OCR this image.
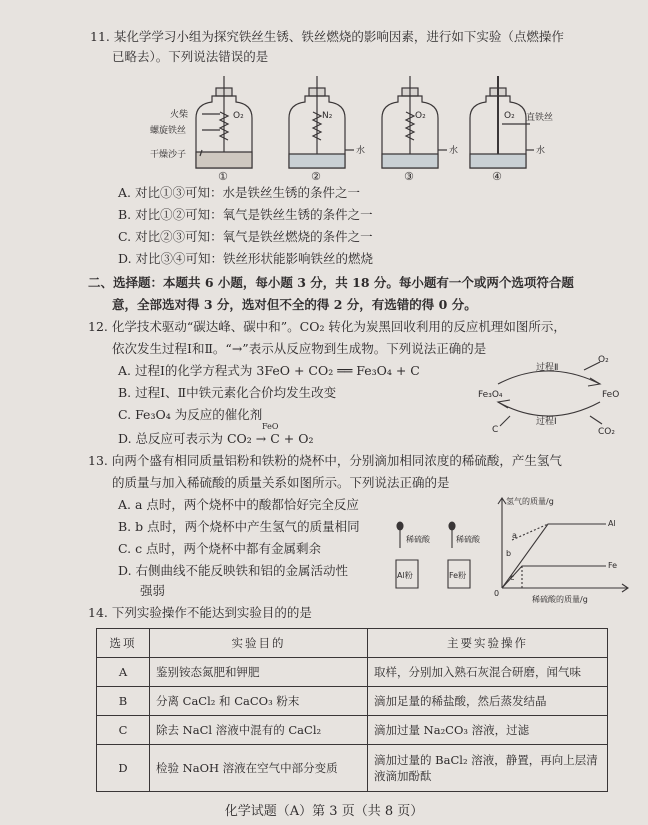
11. 某化学学习小组为探究铁丝生锈、铁丝燃烧的影响因素，进行如下实验（点燃操作
已略去）。下列说法错误的是
火柴
螺旋铁丝
干燥沙子
O₂	N₂	O₂	O₂
水	水	水
直铁丝
①	②	③	④
A. 对比①③可知：水是铁丝生锈的条件之一
B. 对比①②可知：氧气是铁丝生锈的条件之一
C. 对比②③可知：氧气是铁丝燃烧的条件之一
D. 对比③④可知：铁丝形状能影响铁丝的燃烧
二、选择题：本题共 6 小题，每小题 3 分，共 18 分。每小题有一个或两个选项符合题
意，全部选对得 3 分，选对但不全的得 2 分，有选错的得 0 分。
12. 化学技术驱动“碳达峰、碳中和”。CO₂ 转化为炭黑回收利用的反应机理如图所示，
依次发生过程Ⅰ和Ⅱ。“→”表示从反应物到生成物。下列说法正确的是
A. 过程Ⅰ的化学方程式为 3FeO + CO₂ ══ Fe₃O₄ + C
B. 过程Ⅰ、Ⅱ中铁元素化合价均发生改变
C. Fe₃O₄ 为反应的催化剂
D. 总反应可表示为 CO₂ → C + O₂
FeO
O₂
过程Ⅱ
Fe₃O₄	FeO
C
过程Ⅰ
CO₂
13. 向两个盛有相同质量铝粉和铁粉的烧杯中，分别滴加相同浓度的稀硫酸，产生氢气
的质量与加入稀硫酸的质量关系如图所示。下列说法正确的是
A. a 点时，两个烧杯中的酸都恰好完全反应
B. b 点时，两个烧杯中产生氢气的质量相同
C. c 点时，两个烧杯中都有金属剩余
D. 右侧曲线不能反映铁和铝的金属活动性
强弱
稀硫酸	稀硫酸
Al粉	Fe粉
氢气的质量/g
稀硫酸的质量/g
0
a
b
c
Al
Fe
14. 下列实验操作不能达到实验目的的是
选项	实验目的	主要实验操作
A	鉴别铵态氮肥和钾肥	取样，分别加入熟石灰混合研磨，闻气味
B	分离 CaCl₂ 和 CaCO₃ 粉末	滴加足量的稀盐酸，然后蒸发结晶
C	除去 NaCl 溶液中混有的 CaCl₂	滴加过量 Na₂CO₃ 溶液，过滤
D	检验 NaOH 溶液在空气中部分变质	滴加过量的 BaCl₂ 溶液，静置，再向上层清液滴加酚酞
化学试题（A）第 3 页（共 8 页）
